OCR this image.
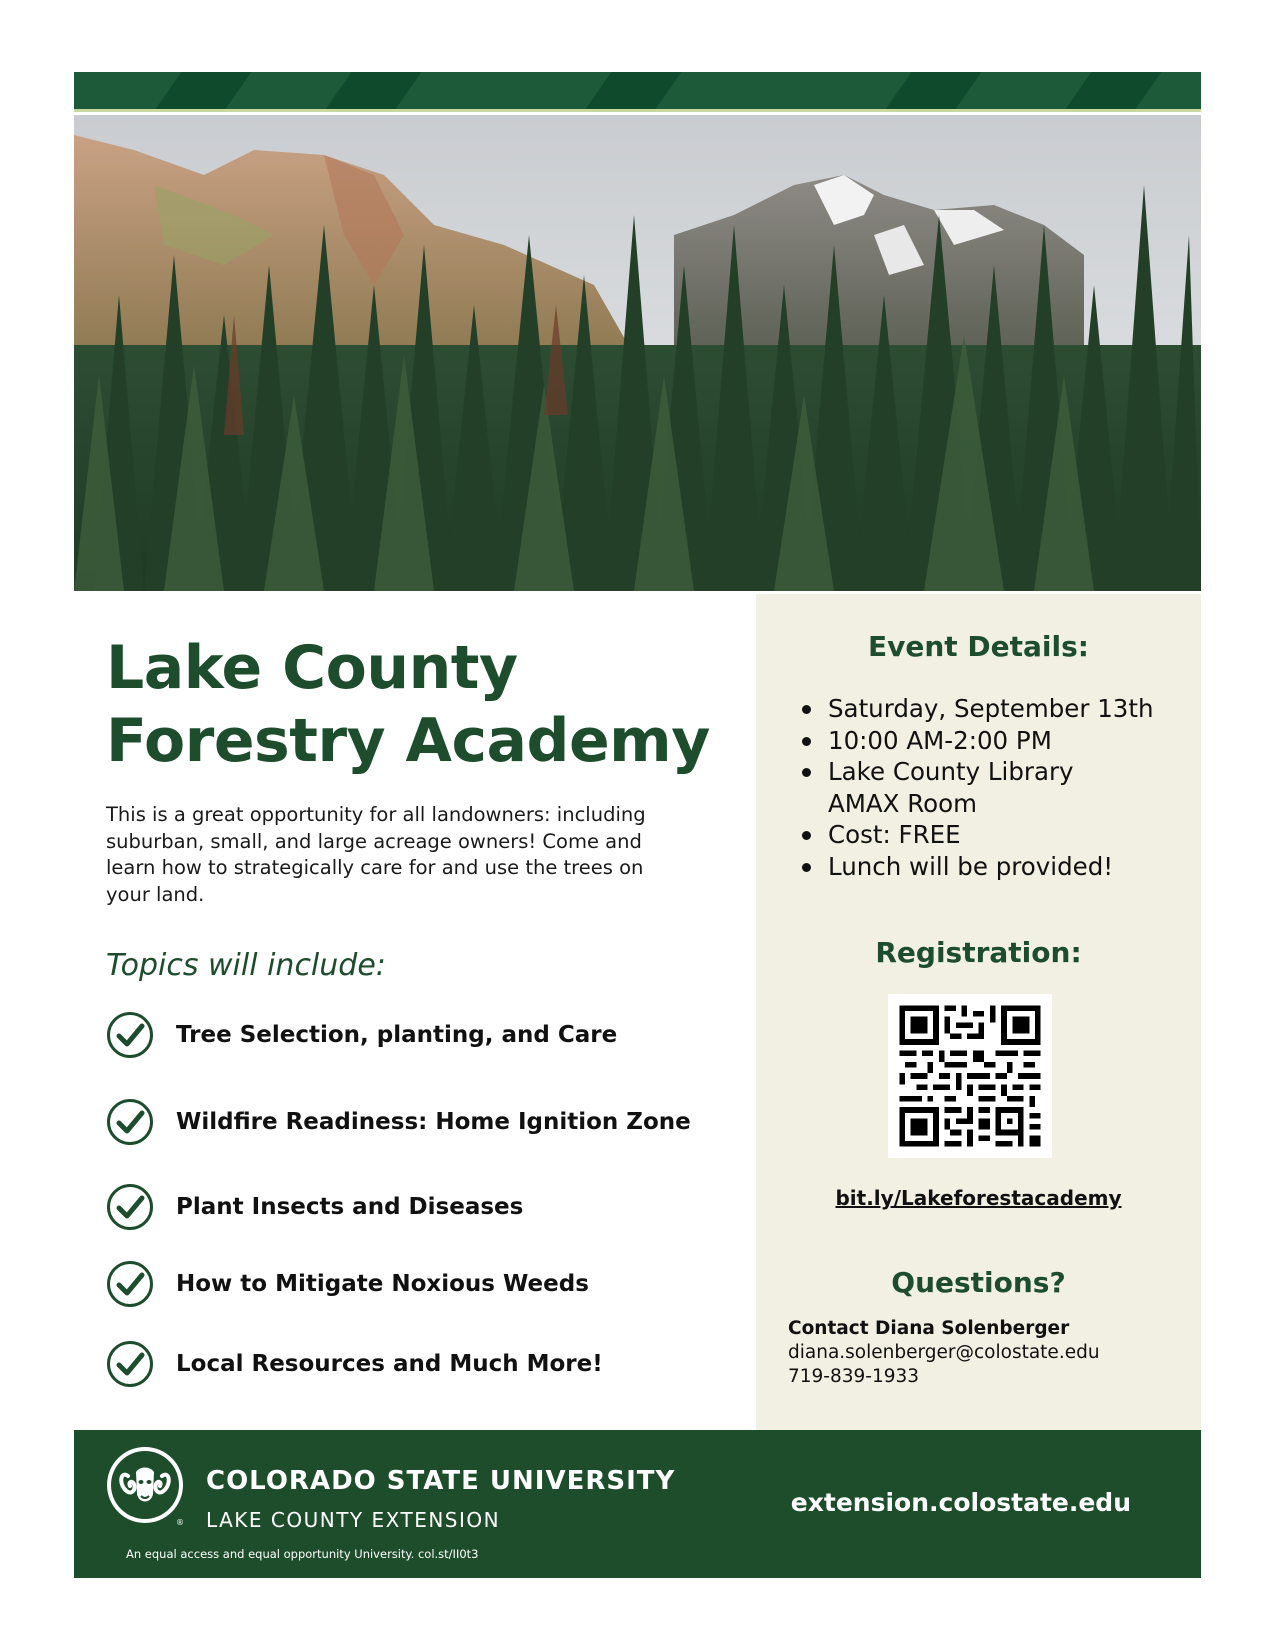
Lake County
Forestry Academy

This is a great opportunity for all landowners: including suburban, small, and large acreage owners! Come and learn how to strategically care for and use the trees on your land.

Topics will include:

Tree Selection, planting, and Care
Wildfire Readiness: Home Ignition Zone
Plant Insects and Diseases
How to Mitigate Noxious Weeds
Local Resources and Much More!

Event Details:

Registration:

Questions?

Saturday, September 13th
10:00 AM-2:00 PM
Lake County Library
AMAX Room
Cost: FREE
Lunch will be provided!
bit.ly/Lakeforestacademy
Contact Diana Solenberger
diana.solenberger@colostate.edu
719-839-1933
®
COLORADO STATE UNIVERSITY
LAKE COUNTY EXTENSION
An equal access and equal opportunity University. col.st/II0t3
extension.colostate.edu
